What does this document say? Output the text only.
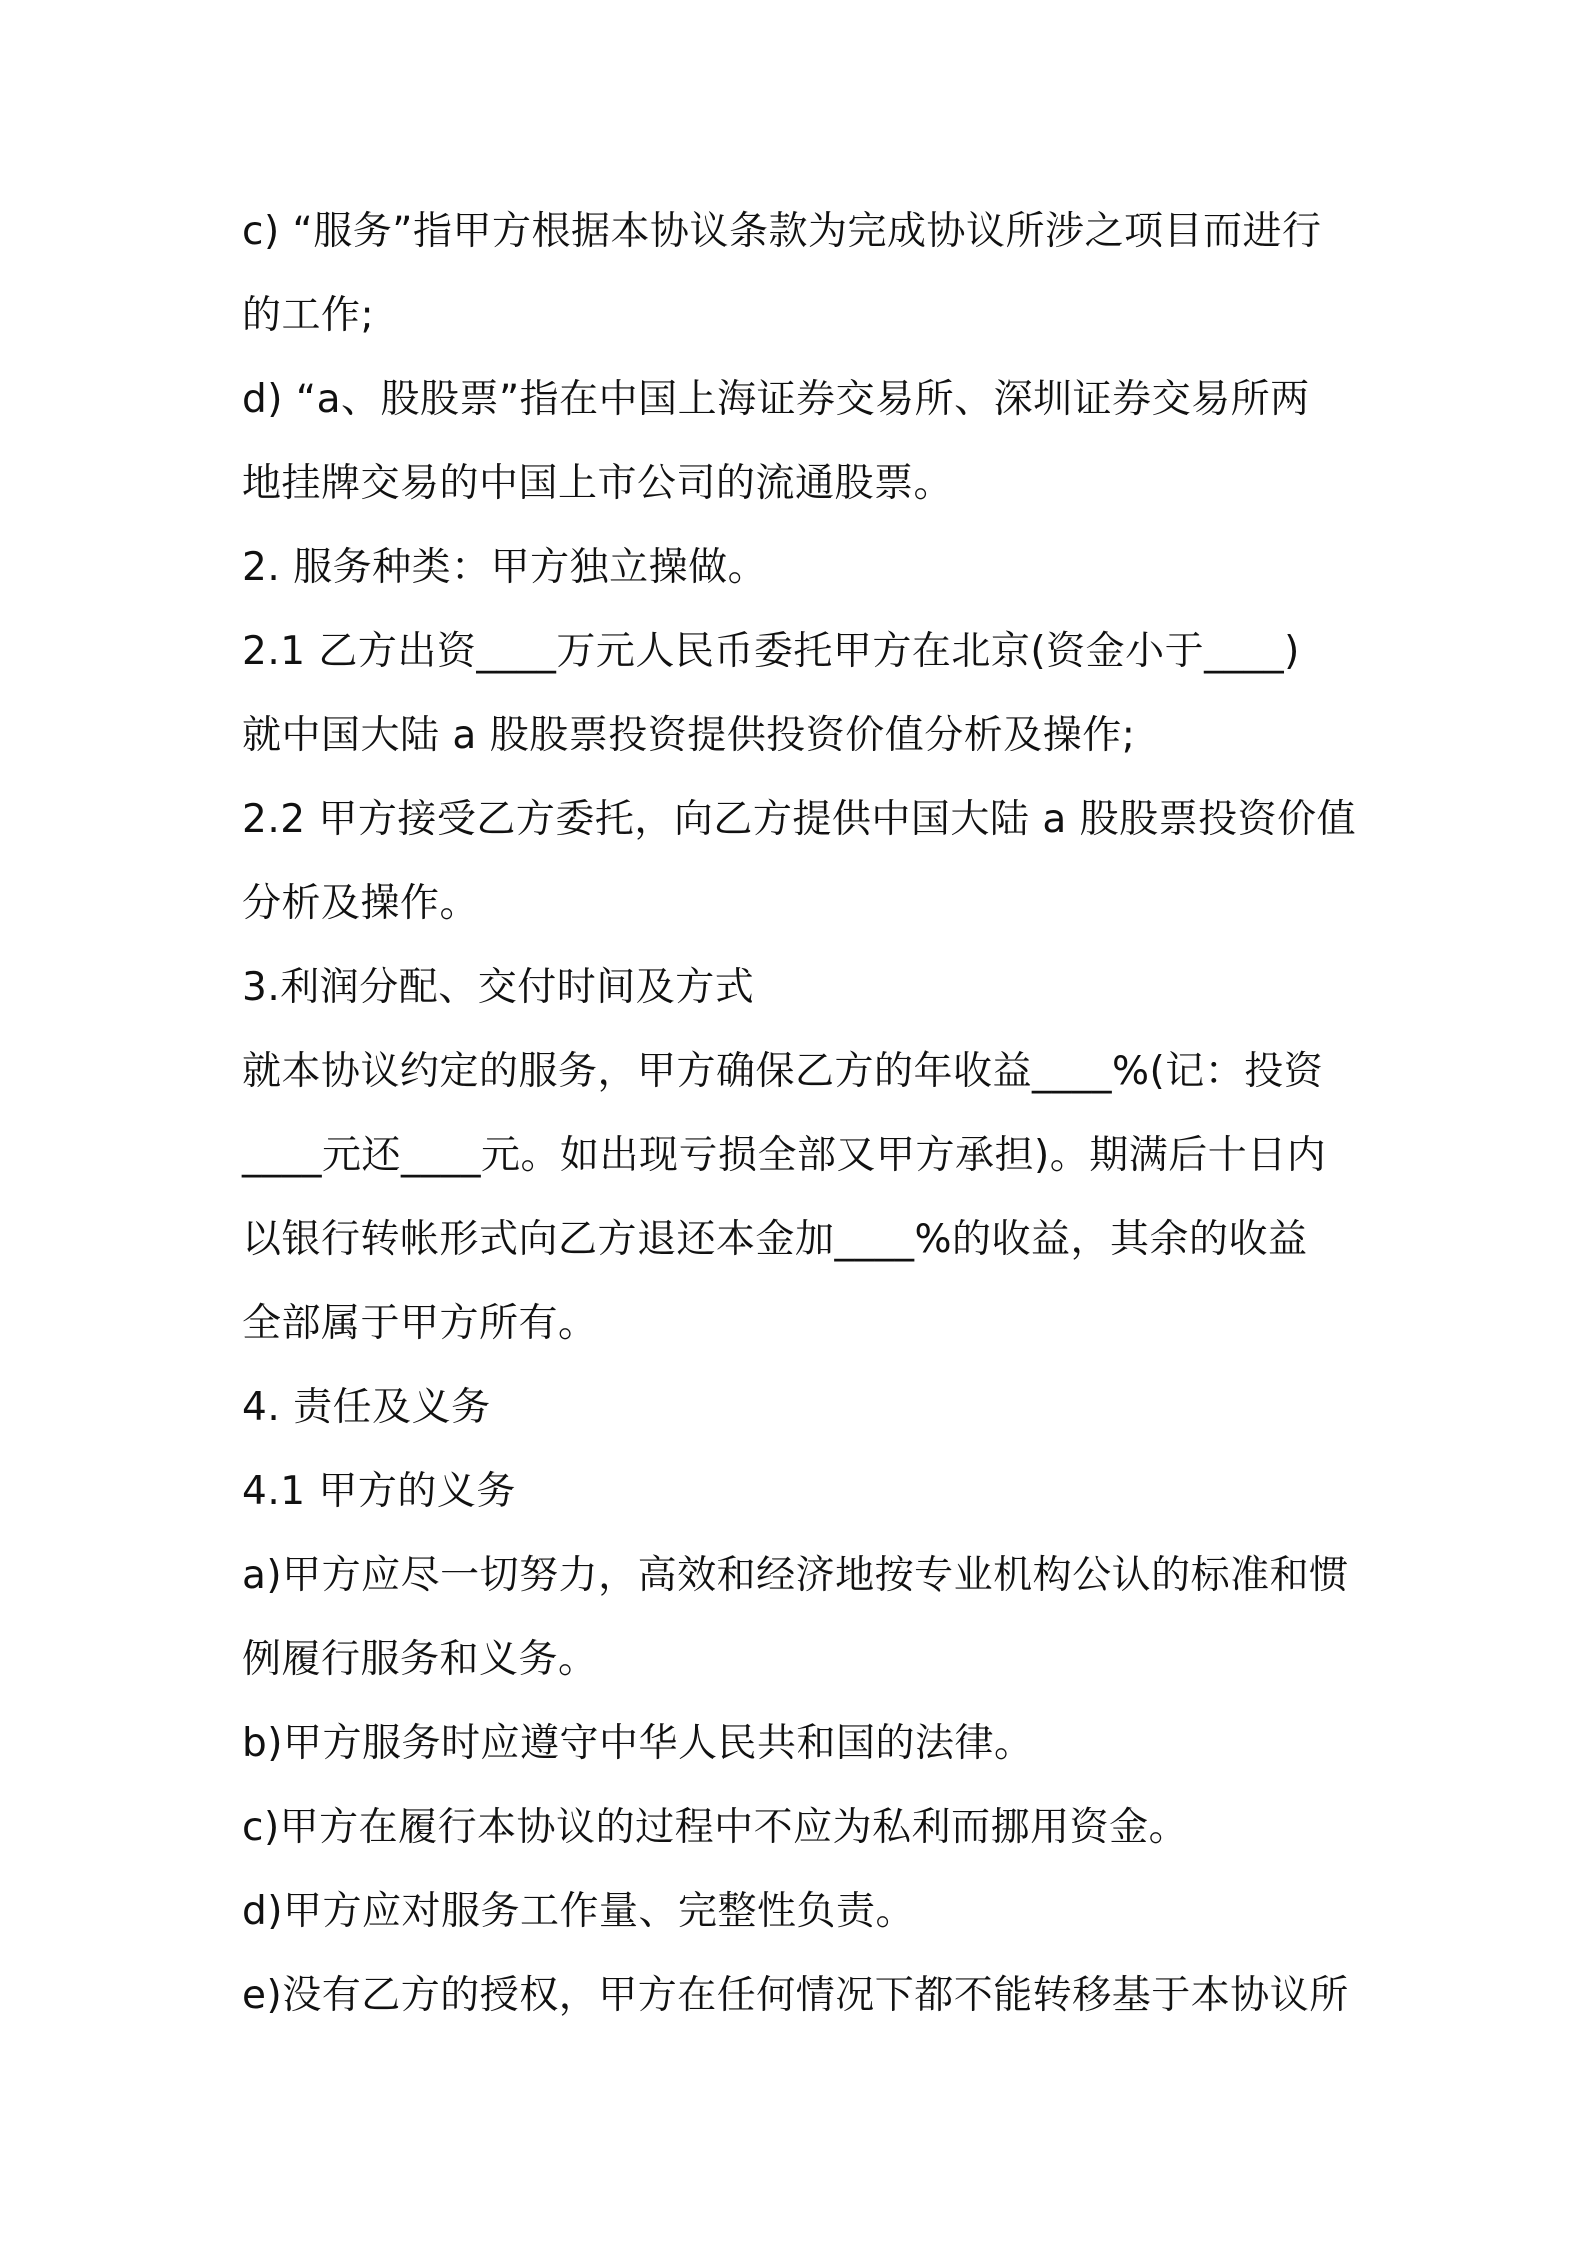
c) “服务”指甲方根据本协议条款为完成协议所涉之项目而进行
的工作;
d) “a、股股票”指在中国上海证券交易所、深圳证券交易所两
地挂牌交易的中国上市公司的流通股票。
2. 服务种类：甲方独立操做。
2.1 乙方出资____万元人民币委托甲方在北京(资金小于____)
就中国大陆 a 股股票投资提供投资价值分析及操作;
2.2 甲方接受乙方委托，向乙方提供中国大陆 a 股股票投资价值
分析及操作。
3.利润分配、交付时间及方式
就本协议约定的服务，甲方确保乙方的年收益____%(记：投资
____元还____元。如出现亏损全部又甲方承担)。期满后十日内
以银行转帐形式向乙方退还本金加____%的收益，其余的收益
全部属于甲方所有。
4. 责任及义务
4.1 甲方的义务
a)甲方应尽一切努力，高效和经济地按专业机构公认的标准和惯
例履行服务和义务。
b)甲方服务时应遵守中华人民共和国的法律。
c)甲方在履行本协议的过程中不应为私利而挪用资金。
d)甲方应对服务工作量、完整性负责。
e)没有乙方的授权，甲方在任何情况下都不能转移基于本协议所
